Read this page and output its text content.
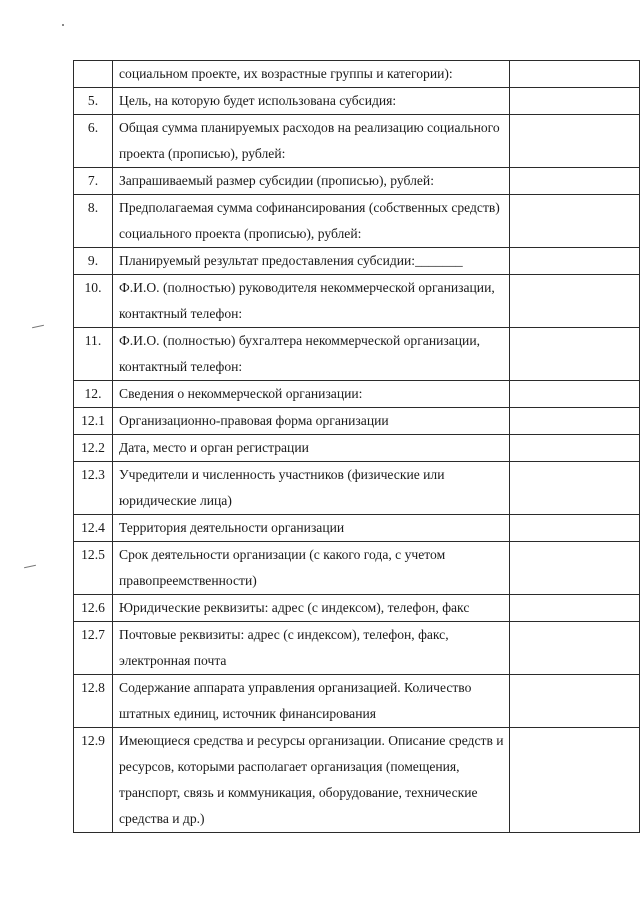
	социальном проекте, их возрастные группы и категории):	
5.	Цель, на которую будет использована субсидия:	
6.	Общая сумма планируемых расходов на реализацию социального проекта (прописью), рублей:	
7.	Запрашиваемый размер субсидии (прописью), рублей:	
8.	Предполагаемая сумма софинансирования (собственных средств) социального проекта (прописью), рублей:	
9.	Планируемый результат предоставления субсидии:_______	
10.	Ф.И.О. (полностью) руководителя некоммерческой организации, контактный телефон:	
11.	Ф.И.О. (полностью) бухгалтера некоммерческой организации, контактный телефон:	
12.	Сведения о некоммерческой организации:	
12.1	Организационно-правовая форма организации	
12.2	Дата, место и орган регистрации	
12.3	Учредители и численность участников (физические или юридические лица)	
12.4	Территория деятельности организации	
12.5	Срок деятельности организации (с какого года, с учетом правопреемственности)	
12.6	Юридические реквизиты: адрес (с индексом), телефон, факс	
12.7	Почтовые реквизиты: адрес (с индексом), телефон, факс, электронная почта	
12.8	Содержание аппарата управления организацией. Количество штатных единиц, источник финансирования	
12.9	Имеющиеся средства и ресурсы организации. Описание средств и ресурсов, которыми располагает организация (помещения, транспорт, связь и коммуникация, оборудование, технические средства и др.)	
